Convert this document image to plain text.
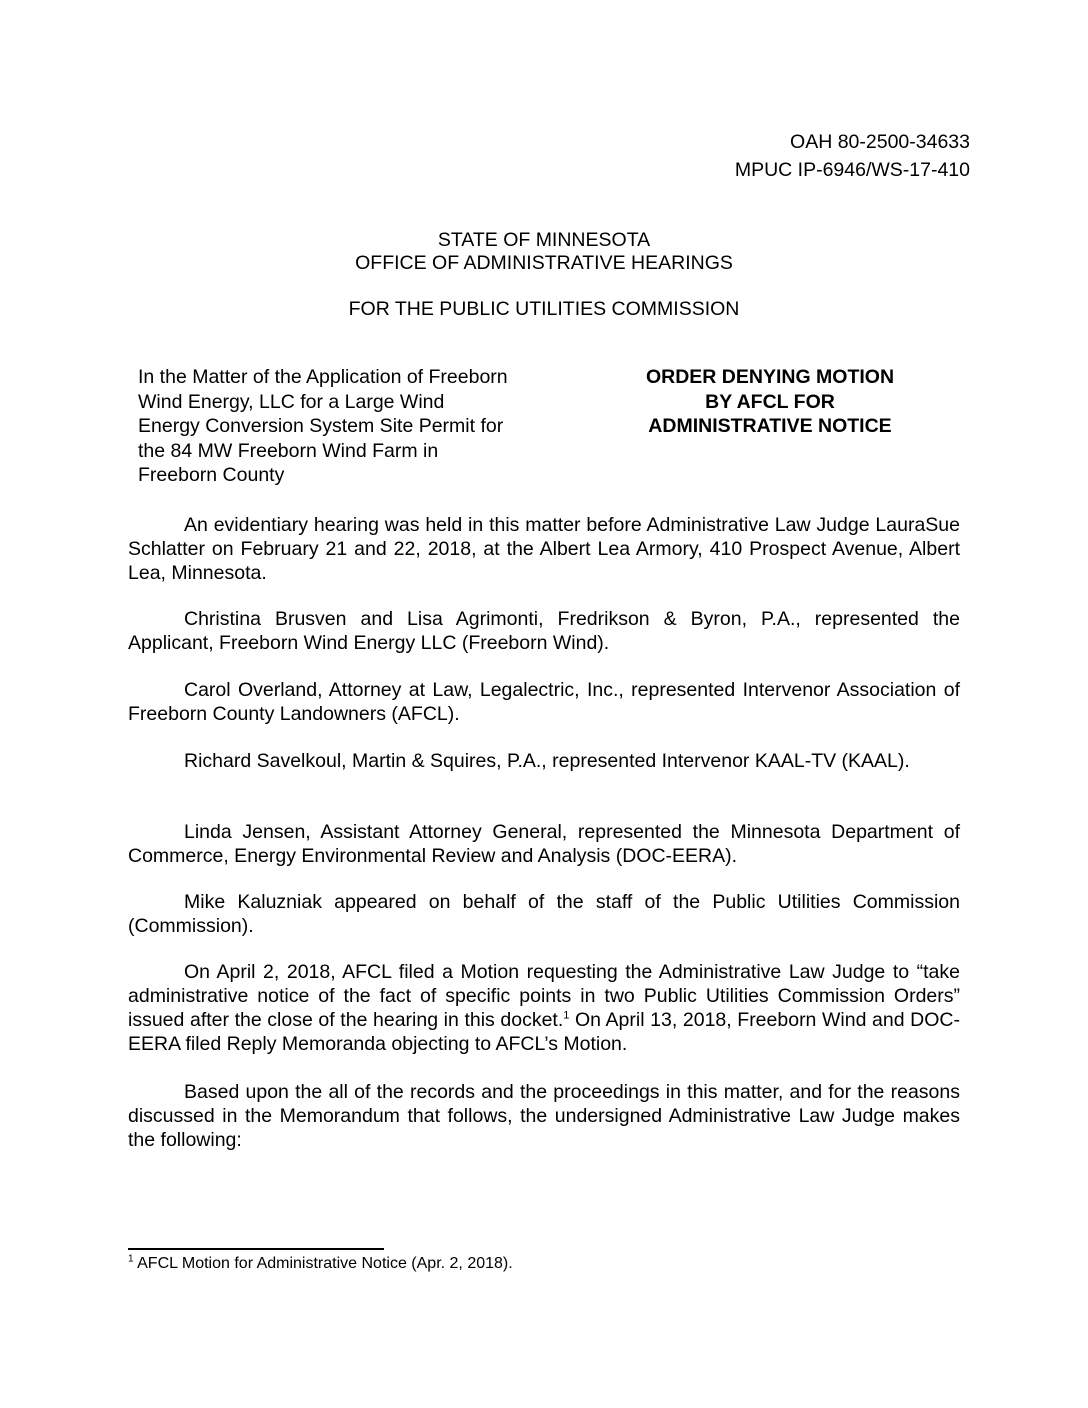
OAH 80-2500-34633
MPUC IP-6946/WS-17-410
STATE OF MINNESOTA
OFFICE OF ADMINISTRATIVE HEARINGS
FOR THE PUBLIC UTILITIES COMMISSION
In the Matter of the Application of Freeborn
Wind Energy, LLC for a Large Wind
Energy Conversion System Site Permit for
the 84 MW Freeborn Wind Farm in
Freeborn County
ORDER DENYING MOTION
BY AFCL FOR
ADMINISTRATIVE NOTICE
An evidentiary hearing was held in this matter before Administrative Law Judge LauraSue Schlatter on February 21 and 22, 2018, at the Albert Lea Armory, 410 Prospect Avenue, Albert Lea, Minnesota.
Christina Brusven and Lisa Agrimonti, Fredrikson & Byron, P.A., represented the Applicant, Freeborn Wind Energy LLC (Freeborn Wind).
Carol Overland, Attorney at Law, Legalectric, Inc., represented Intervenor Association of Freeborn County Landowners (AFCL).
Richard Savelkoul, Martin & Squires, P.A., represented Intervenor KAAL-TV (KAAL).
Linda Jensen, Assistant Attorney General, represented the Minnesota Department of Commerce, Energy Environmental Review and Analysis (DOC-EERA).
Mike Kaluzniak appeared on behalf of the staff of the Public Utilities Commission (Commission).
On April 2, 2018, AFCL filed a Motion requesting the Administrative Law Judge to “take administrative notice of the fact of specific points in two Public Utilities Commission Orders” issued after the close of the hearing in this docket.$^1$ On April 13, 2018, Freeborn Wind and DOC-EERA filed Reply Memoranda objecting to AFCL’s Motion.
Based upon the all of the records and the proceedings in this matter, and for the reasons discussed in the Memorandum that follows, the undersigned Administrative Law Judge makes the following:
$^1$ AFCL Motion for Administrative Notice (Apr. 2, 2018).
